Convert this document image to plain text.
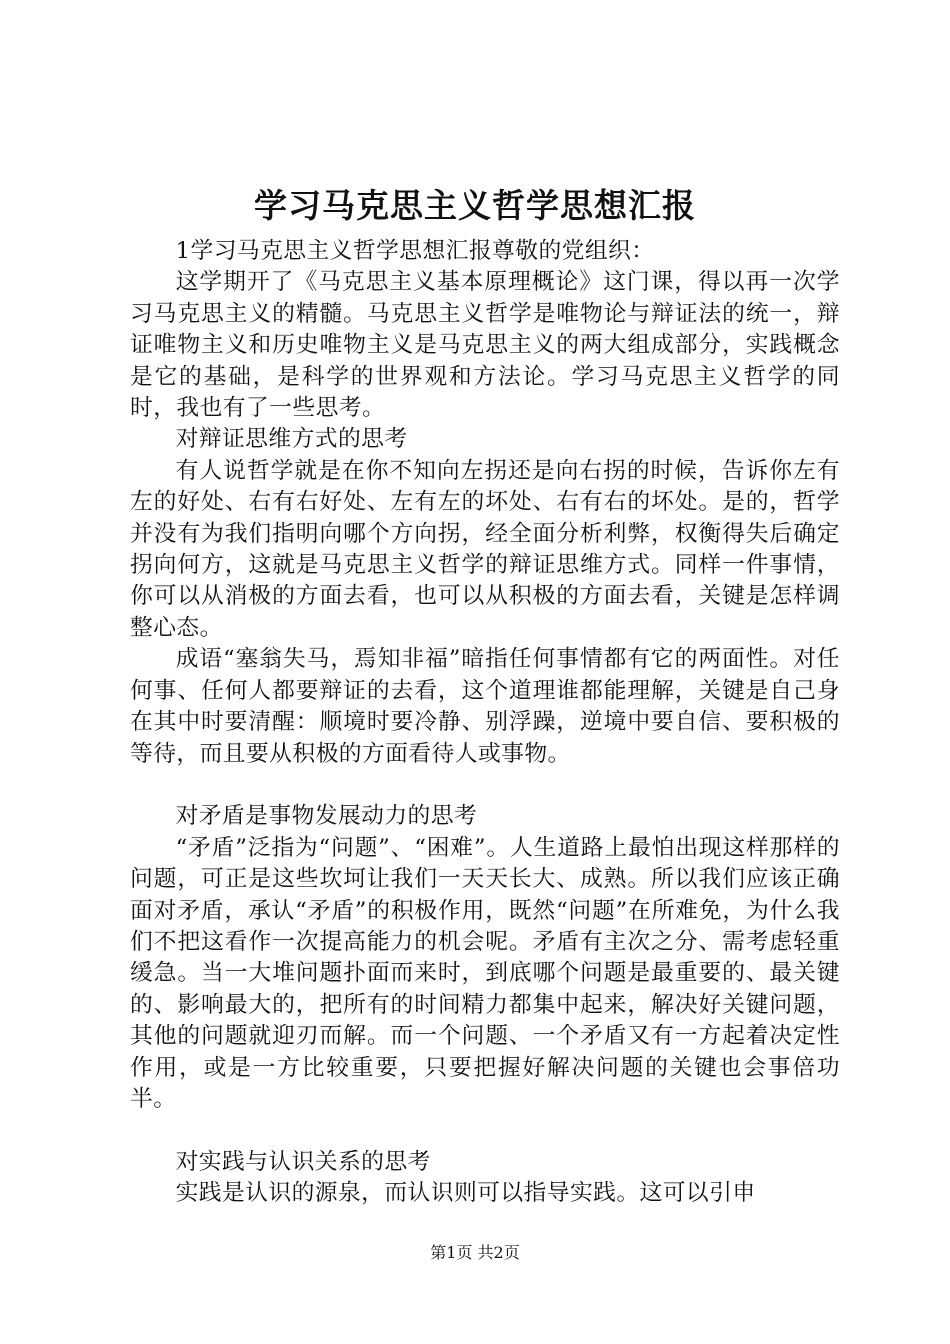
学习马克思主义哲学思想汇报

1学习马克思主义哲学思想汇报尊敬的党组织：

这学期开了《马克思主义基本原理概论》这门课，得以再一次学习马克思主义的精髓。马克思主义哲学是唯物论与辩证法的统一，辩证唯物主义和历史唯物主义是马克思主义的两大组成部分，实践概念是它的基础，是科学的世界观和方法论。学习马克思主义哲学的同时，我也有了一些思考。

对辩证思维方式的思考

有人说哲学就是在你不知向左拐还是向右拐的时候，告诉你左有左的好处、右有右好处、左有左的坏处、右有右的坏处。是的，哲学并没有为我们指明向哪个方向拐，经全面分析利弊，权衡得失后确定拐向何方，这就是马克思主义哲学的辩证思维方式。同样一件事情，你可以从消极的方面去看，也可以从积极的方面去看，关键是怎样调整心态。

成语“塞翁失马，焉知非福”暗指任何事情都有它的两面性。对任何事、任何人都要辩证的去看，这个道理谁都能理解，关键是自己身在其中时要清醒：顺境时要冷静、别浮躁，逆境中要自信、要积极的等待，而且要从积极的方面看待人或事物。

对矛盾是事物发展动力的思考

“矛盾”泛指为“问题”、“困难”。人生道路上最怕出现这样那样的问题，可正是这些坎坷让我们一天天长大、成熟。所以我们应该正确面对矛盾，承认“矛盾”的积极作用，既然“问题”在所难免，为什么我们不把这看作一次提高能力的机会呢。矛盾有主次之分、需考虑轻重缓急。当一大堆问题扑面而来时，到底哪个问题是最重要的、最关键的、影响最大的，把所有的时间精力都集中起来，解决好关键问题，其他的问题就迎刃而解。而一个问题、一个矛盾又有一方起着决定性作用，或是一方比较重要，只要把握好解决问题的关键也会事倍功半。

对实践与认识关系的思考

实践是认识的源泉，而认识则可以指导实践。这可以引申

第1页 共2页
